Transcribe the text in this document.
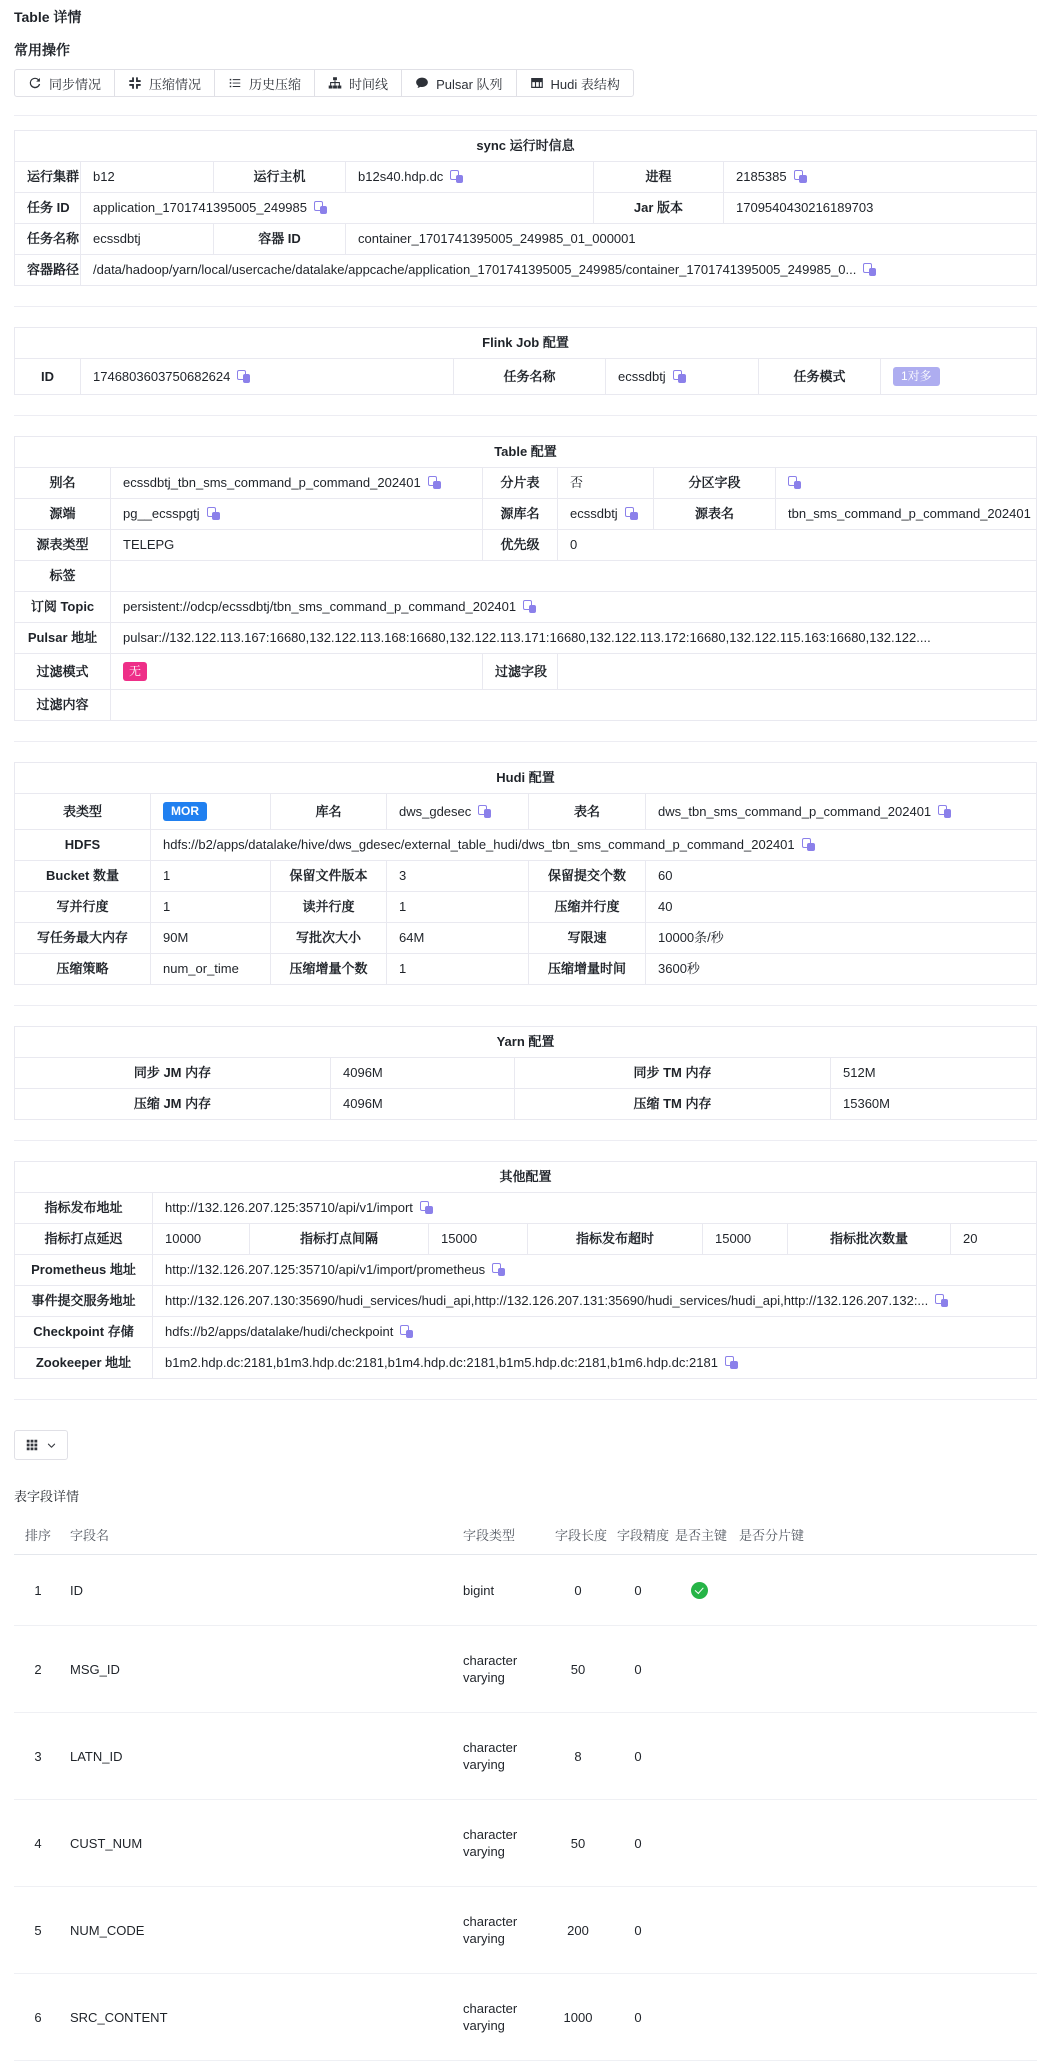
Table 详情
常用操作
同步情况	压缩情况	历史压缩	时间线	Pulsar 队列	Hudi 表结构
sync 运行时信息					
运行集群	b12	运行主机	b12s40.hdp.dc	进程	2185385
任务 ID	application_1701741395005_249985			Jar 版本	1709540430216189703
任务名称	ecssdbtj	容器 ID	container_1701741395005_249985_01_000001		
容器路径	/data/hadoop/yarn/local/usercache/datalake/appcache/application_1701741395005_249985/container_1701741395005_249985_0...				
Flink Job 配置
ID	1746803603750682624	任务名称	ecssdbtj	任务模式	1对多
Table 配置					
别名	ecssdbtj_tbn_sms_command_p_command_202401	分片表	否	分区字段	
源端	pg__ecsspgtj	源库名	ecssdbtj	源表名	tbn_sms_command_p_command_202401
源表类型	TELEPG	优先级	0		
标签					
订阅 Topic	persistent://odcp/ecssdbtj/tbn_sms_command_p_command_202401				
Pulsar 地址	pulsar://132.122.113.167:16680,132.122.113.168:16680,132.122.113.171:16680,132.122.113.172:16680,132.122.115.163:16680,132.122....				
过滤模式	无	过滤字段			
过滤内容					
Hudi 配置					
表类型	MOR	库名	dws_gdesec	表名	dws_tbn_sms_command_p_command_202401
HDFS	hdfs://b2/apps/datalake/hive/dws_gdesec/external_table_hudi/dws_tbn_sms_command_p_command_202401				
Bucket 数量	1	保留文件版本	3	保留提交个数	60
写并行度	1	读并行度	1	压缩并行度	40
写任务最大内存	90M	写批次大小	64M	写限速	10000条/秒
压缩策略	num_or_time	压缩增量个数	1	压缩增量时间	3600秒
Yarn 配置			
同步 JM 内存	4096M	同步 TM 内存	512M
压缩 JM 内存	4096M	压缩 TM 内存	15360M
其他配置							
指标发布地址	http://132.126.207.125:35710/api/v1/import						
指标打点延迟	10000	指标打点间隔	15000	指标发布超时	15000	指标批次数量	20
Prometheus 地址	http://132.126.207.125:35710/api/v1/import/prometheus						
事件提交服务地址	http://132.126.207.130:35690/hudi_services/hudi_api,http://132.126.207.131:35690/hudi_services/hudi_api,http://132.126.207.132:...						
Checkpoint 存储	hdfs://b2/apps/datalake/hudi/checkpoint						
Zookeeper 地址	b1m2.hdp.dc:2181,b1m3.hdp.dc:2181,b1m4.hdp.dc:2181,b1m5.hdp.dc:2181,b1m6.hdp.dc:2181						
表字段详情
排序	字段名	字段类型	字段长度	字段精度	是否主键	是否分片键	
1	ID	bigint	0	0			
2	MSG_ID	character varying	50	0			
3	LATN_ID	character varying	8	0			
4	CUST_NUM	character varying	50	0			
5	NUM_CODE	character varying	200	0			
6	SRC_CONTENT	character varying	1000	0			
